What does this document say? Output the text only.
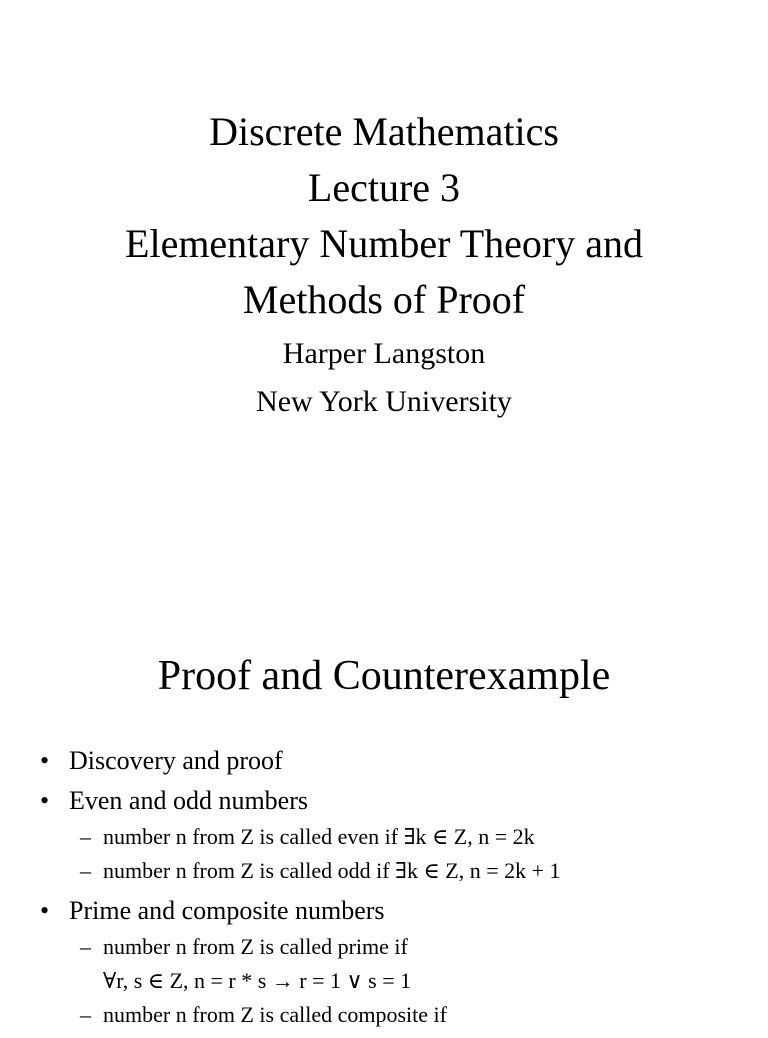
Discrete Mathematics
Lecture 3
Elementary Number Theory and
Methods of Proof
Harper Langston
New York University
Proof and Counterexample
• Discovery and proof
• Even and odd numbers
– number n from Z is called even if ∃k ∈ Z, n = 2k
– number n from Z is called odd if ∃k ∈ Z, n = 2k + 1
• Prime and composite numbers
– number n from Z is called prime if
∀r, s ∈ Z, n = r * s → r = 1 ∨ s = 1
– number n from Z is called composite if
